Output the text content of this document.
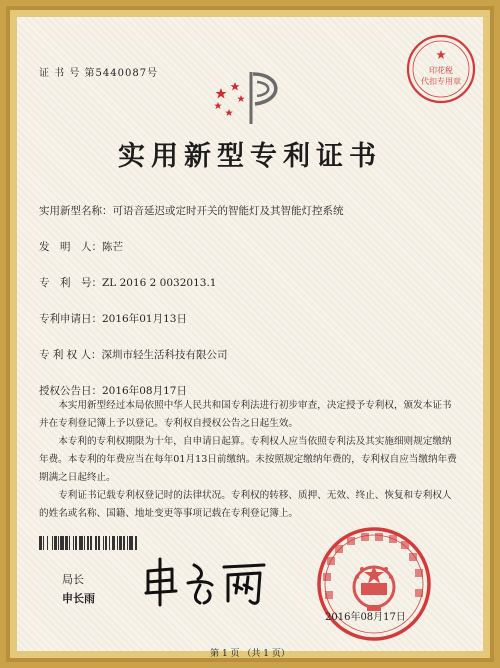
证 书 号 第5440087号	印花税
代扣专用章
实用新型专利证书
实用新型名称：可语音延迟或定时开关的智能灯及其智能灯控系统
发　明　人：陈芒
专　利　号：ZL 2016 2 0032013.1
专利申请日：2016年01月13日
专 利 权 人：深圳市轻生活科技有限公司
授权公告日：2016年08月17日
本实用新型经过本局依照中华人民共和国专利法进行初步审查，决定授予专利权，颁发本证书并在专利登记簿上予以登记。专利权自授权公告之日起生效。
本专利的专利权期限为十年，自申请日起算。专利权人应当依照专利法及其实施细则规定缴纳年费。本专利的年费应当在每年01月13日前缴纳。未按照规定缴纳年费的，专利权自应当缴纳年费期满之日起终止。
专利证书记载专利权登记时的法律状况。专利权的转移、质押、无效、终止、恢复和专利权人的姓名或名称、国籍、地址变更等事项记载在专利登记簿上。
局长
申长雨
2016年08月17日
第 1 页 （共 1 页）
